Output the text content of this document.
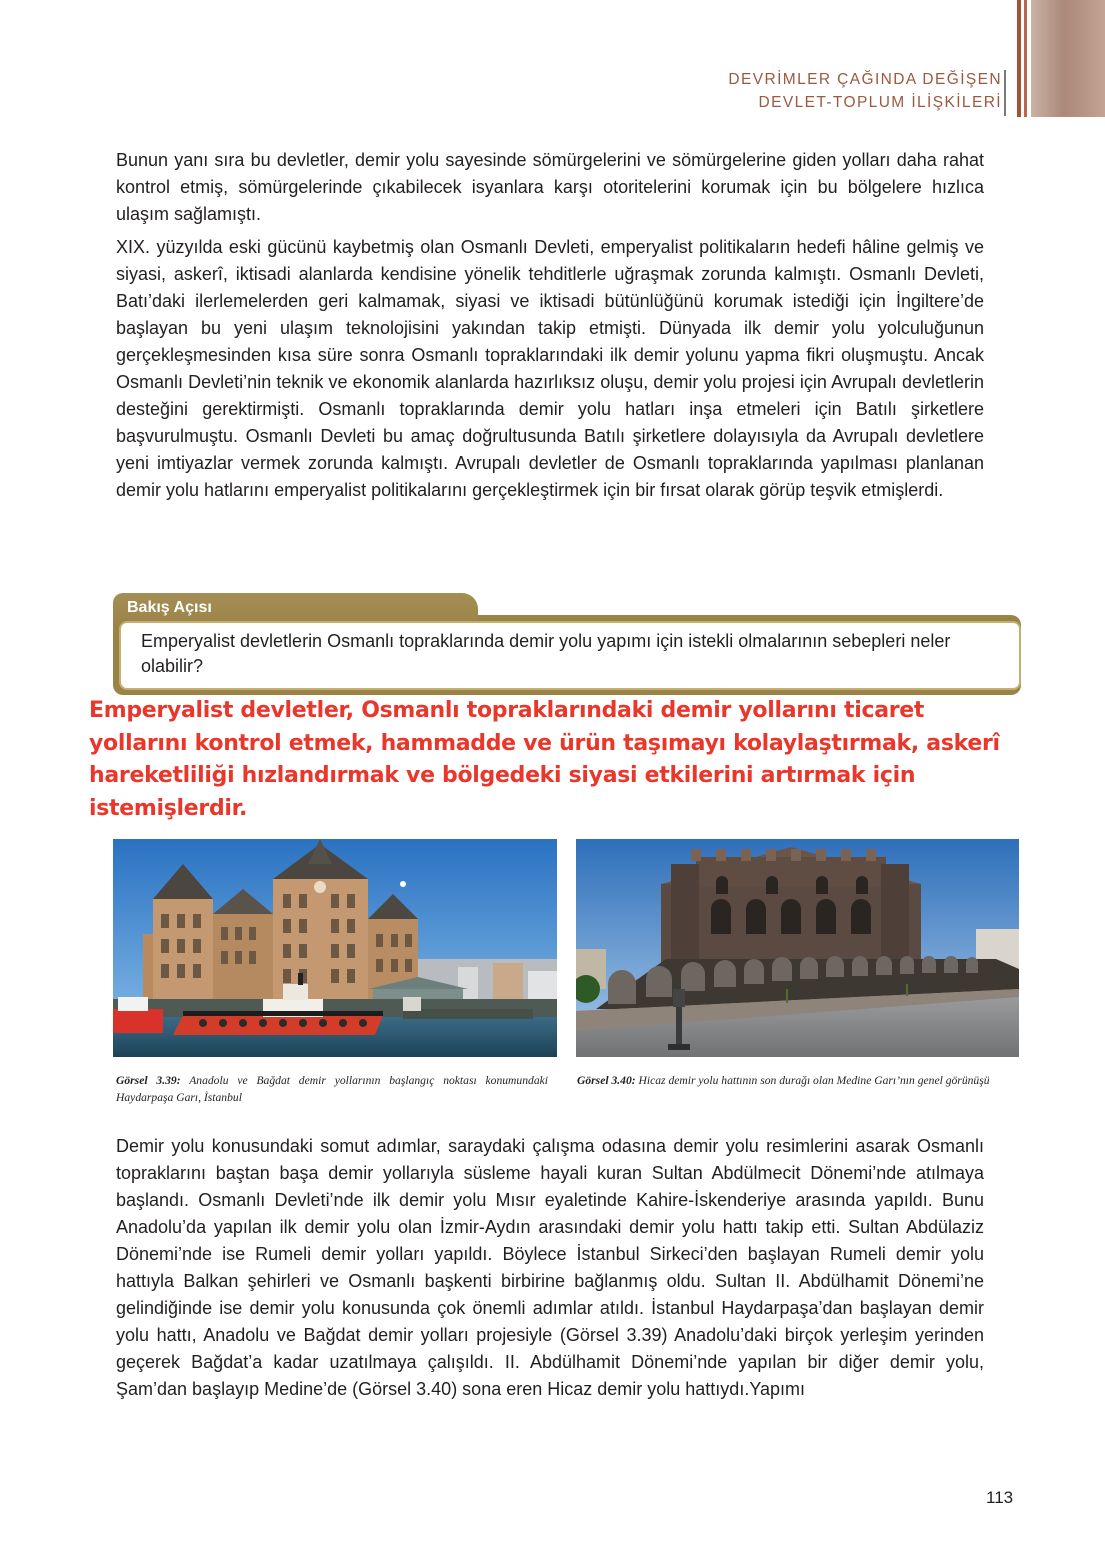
DEVRİMLER ÇAĞINDA DEĞİŞEN
DEVLET-TOPLUM İLİŞKİLERİ

Bunun yanı sıra bu devletler, demir yolu sayesinde sömürgelerini ve sömürgelerine giden yolları daha rahat kontrol etmiş, sömürgelerinde çıkabilecek isyanlara karşı otoritelerini korumak için bu bölgelere hızlıca ulaşım sağlamıştı.

XIX. yüzyılda eski gücünü kaybetmiş olan Osmanlı Devleti, emperyalist politikaların hedefi hâline gelmiş ve siyasi, askerî, iktisadi alanlarda kendisine yönelik tehditlerle uğraşmak zorunda kalmıştı. Osmanlı Devleti, Batı’daki ilerlemelerden geri kalmamak, siyasi ve iktisadi bütünlüğünü korumak istediği için İngiltere’de başlayan bu yeni ulaşım teknolojisini yakından takip etmişti. Dünyada ilk demir yolu yolculuğunun gerçekleşmesinden kısa süre sonra Osmanlı topraklarındaki ilk demir yolunu yapma fikri oluşmuştu. Ancak Osmanlı Devleti’nin teknik ve ekonomik alanlarda hazırlıksız oluşu, demir yolu projesi için Avrupalı devletlerin desteğini gerektirmişti. Osmanlı topraklarında demir yolu hatları inşa etmeleri için Batılı şirketlere başvurulmuştu. Osmanlı Devleti bu amaç doğrultusunda Batılı şirketlere dolayısıyla da Avrupalı devletlere yeni imtiyazlar vermek zorunda kalmıştı. Avrupalı devletler de Osmanlı topraklarında yapılması planlanan demir yolu hatlarını emperyalist politikalarını gerçekleştirmek için bir fırsat olarak görüp teşvik etmişlerdi.

Bakış Açısı

Emperyalist devletlerin Osmanlı topraklarında demir yolu yapımı için istekli olmalarının sebepleri neler olabilir?

Emperyalist devletler, Osmanlı topraklarındaki demir yollarını ticaret yollarını kontrol etmek, hammadde ve ürün taşımayı kolaylaştırmak, askerî hareketliliği hızlandırmak ve bölgedeki siyasi etkilerini artırmak için istemişlerdir.

Görsel 3.39: Anadolu ve Bağdat demir yollarının başlangıç noktası konumundaki Haydarpaşa Garı, İstanbul

Görsel 3.40: Hicaz demir yolu hattının son durağı olan Medine Garı’nın genel görünüşü

Demir yolu konusundaki somut adımlar, saraydaki çalışma odasına demir yolu resimlerini asarak Osmanlı topraklarını baştan başa demir yollarıyla süsleme hayali kuran Sultan Abdülmecit Dönemi’nde atılmaya başlandı. Osmanlı Devleti’nde ilk demir yolu Mısır eyaletinde Kahire-İskenderiye arasında yapıldı. Bunu Anadolu’da yapılan ilk demir yolu olan İzmir-Aydın arasındaki demir yolu hattı takip etti. Sultan Abdülaziz Dönemi’nde ise Rumeli demir yolları yapıldı. Böylece İstanbul Sirkeci’den başlayan Rumeli demir yolu hattıyla Balkan şehirleri ve Osmanlı başkenti birbirine bağlanmış oldu. Sultan II. Abdülhamit Dönemi’ne gelindiğinde ise demir yolu konusunda çok önemli adımlar atıldı. İstanbul Haydarpaşa’dan başlayan demir yolu hattı, Anadolu ve Bağdat demir yolları projesiyle (Görsel 3.39) Anadolu’daki birçok yerleşim yerinden geçerek Bağdat’a kadar uzatılmaya çalışıldı. II. Abdülhamit Dönemi’nde yapılan bir diğer demir yolu, Şam’dan başlayıp Medine’de (Görsel 3.40) sona eren Hicaz demir yolu hattıydı.Yapımı

113
